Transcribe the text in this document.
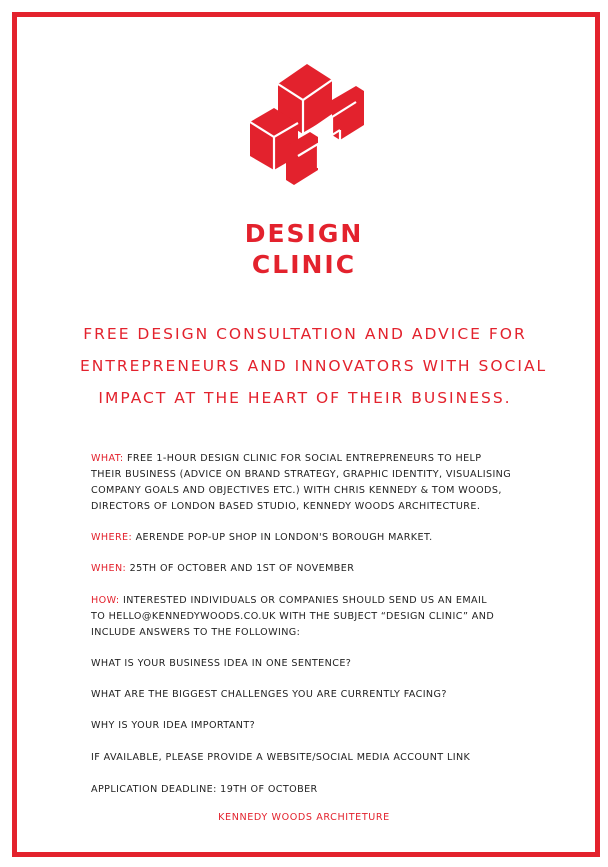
DESIGN
CLINIC
FREE DESIGN CONSULTATION AND ADVICE FOR
ENTREPRENEURS AND INNOVATORS WITH SOCIAL
IMPACT AT THE HEART OF THEIR BUSINESS.
WHAT: FREE 1-HOUR DESIGN CLINIC FOR SOCIAL ENTREPRENEURS TO HELP
THEIR BUSINESS (ADVICE ON BRAND STRATEGY, GRAPHIC IDENTITY, VISUALISING
COMPANY GOALS AND OBJECTIVES ETC.) WITH CHRIS KENNEDY & TOM WOODS,
DIRECTORS OF LONDON BASED STUDIO, KENNEDY WOODS ARCHITECTURE.
WHERE: AERENDE POP-UP SHOP IN LONDON'S BOROUGH MARKET.
WHEN: 25TH OF OCTOBER AND 1ST OF NOVEMBER
HOW: INTERESTED INDIVIDUALS OR COMPANIES SHOULD SEND US AN EMAIL
TO HELLO@KENNEDYWOODS.CO.UK WITH THE SUBJECT “DESIGN CLINIC” AND
INCLUDE ANSWERS TO THE FOLLOWING:
WHAT IS YOUR BUSINESS IDEA IN ONE SENTENCE?
WHAT ARE THE BIGGEST CHALLENGES YOU ARE CURRENTLY FACING?
WHY IS YOUR IDEA IMPORTANT?
IF AVAILABLE, PLEASE PROVIDE A WEBSITE/SOCIAL MEDIA ACCOUNT LINK
APPLICATION DEADLINE: 19TH OF OCTOBER
KENNEDY WOODS ARCHITETURE
